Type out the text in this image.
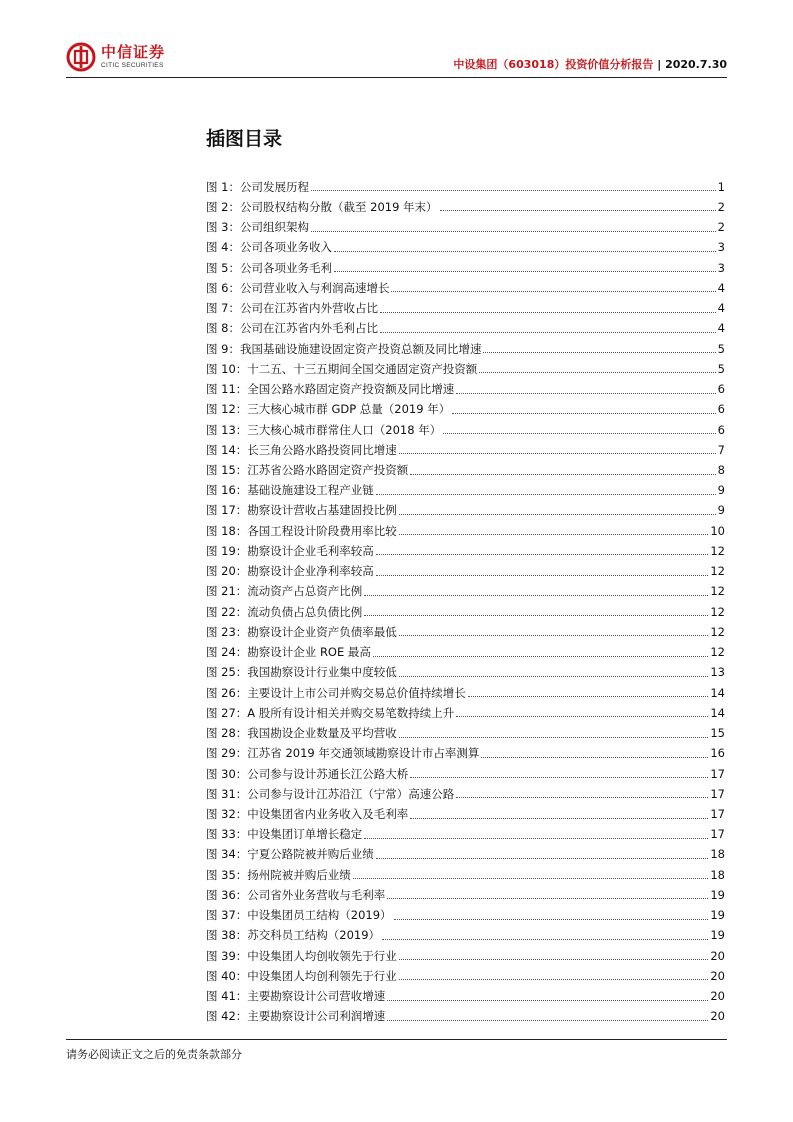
中信证券
CITIC SECURITIES	中设集团（603018）投资价值分析报告 | 2020.7.30
插图目录
图 1：公司发展历程	1
图 2：公司股权结构分散（截至 2019 年末）	2
图 3：公司组织架构	2
图 4：公司各项业务收入	3
图 5：公司各项业务毛利	3
图 6：公司营业收入与利润高速增长	4
图 7：公司在江苏省内外营收占比	4
图 8：公司在江苏省内外毛利占比	4
图 9：我国基础设施建设固定资产投资总额及同比增速	5
图 10：十二五、十三五期间全国交通固定资产投资额	5
图 11：全国公路水路固定资产投资额及同比增速	6
图 12：三大核心城市群 GDP 总量（2019 年）	6
图 13：三大核心城市群常住人口（2018 年）	6
图 14：长三角公路水路投资同比增速	7
图 15：江苏省公路水路固定资产投资额	8
图 16：基础设施建设工程产业链	9
图 17：勘察设计营收占基建固投比例	9
图 18：各国工程设计阶段费用率比较	10
图 19：勘察设计企业毛利率较高	12
图 20：勘察设计企业净利率较高	12
图 21：流动资产占总资产比例	12
图 22：流动负债占总负债比例	12
图 23：勘察设计企业资产负债率最低	12
图 24：勘察设计企业 ROE 最高	12
图 25：我国勘察设计行业集中度较低	13
图 26：主要设计上市公司并购交易总价值持续增长	14
图 27：A 股所有设计相关并购交易笔数持续上升	14
图 28：我国勘设企业数量及平均营收	15
图 29：江苏省 2019 年交通领域勘察设计市占率测算	16
图 30：公司参与设计苏通长江公路大桥	17
图 31：公司参与设计江苏沿江（宁常）高速公路	17
图 32：中设集团省内业务收入及毛利率	17
图 33：中设集团订单增长稳定	17
图 34：宁夏公路院被并购后业绩	18
图 35：扬州院被并购后业绩	18
图 36：公司省外业务营收与毛利率	19
图 37：中设集团员工结构（2019）	19
图 38：苏交科员工结构（2019）	19
图 39：中设集团人均创收领先于行业	20
图 40：中设集团人均创利领先于行业	20
图 41：主要勘察设计公司营收增速	20
图 42：主要勘察设计公司利润增速	20
请务必阅读正文之后的免责条款部分
